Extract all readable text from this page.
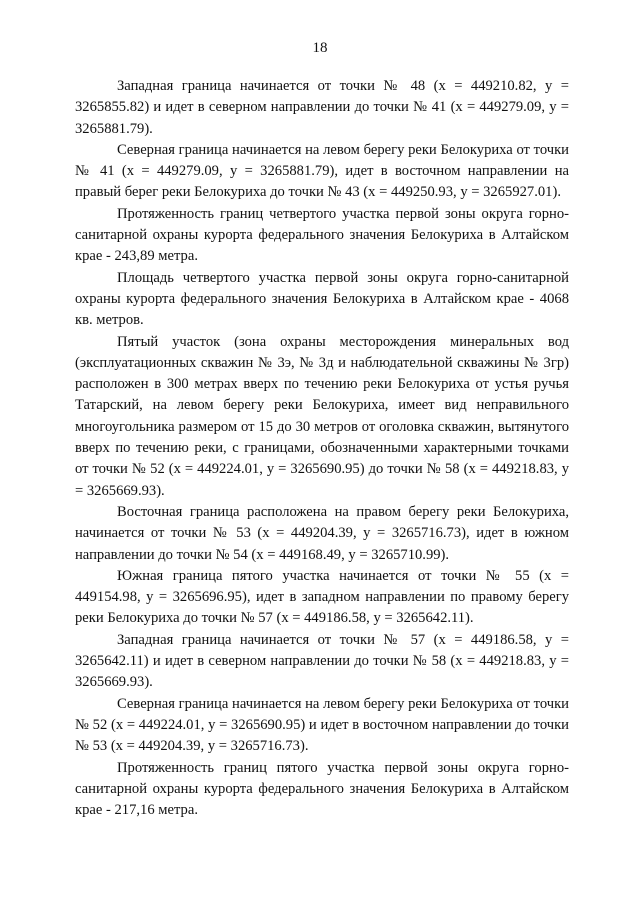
18

Западная граница начинается от точки № 48 (x = 449210.82, y = 3265855.82) и идет в северном направлении до точки № 41 (x = 449279.09, y = 3265881.79).

Северная граница начинается на левом берегу реки Белокуриха от точки № 41 (x = 449279.09, y = 3265881.79), идет в восточном направлении на правый берег реки Белокуриха до точки № 43 (x = 449250.93, y = 3265927.01).

Протяженность границ четвертого участка первой зоны округа горно-санитарной охраны курорта федерального значения Белокуриха в Алтайском крае - 243,89 метра.

Площадь четвертого участка первой зоны округа горно-санитарной охраны курорта федерального значения Белокуриха в Алтайском крае - 4068 кв. метров.

Пятый участок (зона охраны месторождения минеральных вод (эксплуатационных скважин № 3э, № 3д и наблюдательной скважины № 3гр) расположен в 300 метрах вверх по течению реки Белокуриха от устья ручья Татарский, на левом берегу реки Белокуриха, имеет вид неправильного многоугольника размером от 15 до 30 метров от оголовка скважин, вытянутого вверх по течению реки, с границами, обозначенными характерными точками от точки № 52 (x = 449224.01, y = 3265690.95) до точки № 58 (x = 449218.83, y = 3265669.93).

Восточная граница расположена на правом берегу реки Белокуриха, начинается от точки № 53 (x = 449204.39, y = 3265716.73), идет в южном направлении до точки № 54 (x = 449168.49, y = 3265710.99).

Южная граница пятого участка начинается от точки № 55 (x = 449154.98, y = 3265696.95), идет в западном направлении по правому берегу реки Белокуриха до точки № 57 (x = 449186.58, y = 3265642.11).

Западная граница начинается от точки № 57 (x = 449186.58, y = 3265642.11) и идет в северном направлении до точки № 58 (x = 449218.83, y = 3265669.93).

Северная граница начинается на левом берегу реки Белокуриха от точки № 52 (x = 449224.01, y = 3265690.95) и идет в восточном направлении до точки № 53 (x = 449204.39, y = 3265716.73).

Протяженность границ пятого участка первой зоны округа горно-санитарной охраны курорта федерального значения Белокуриха в Алтайском крае - 217,16 метра.
